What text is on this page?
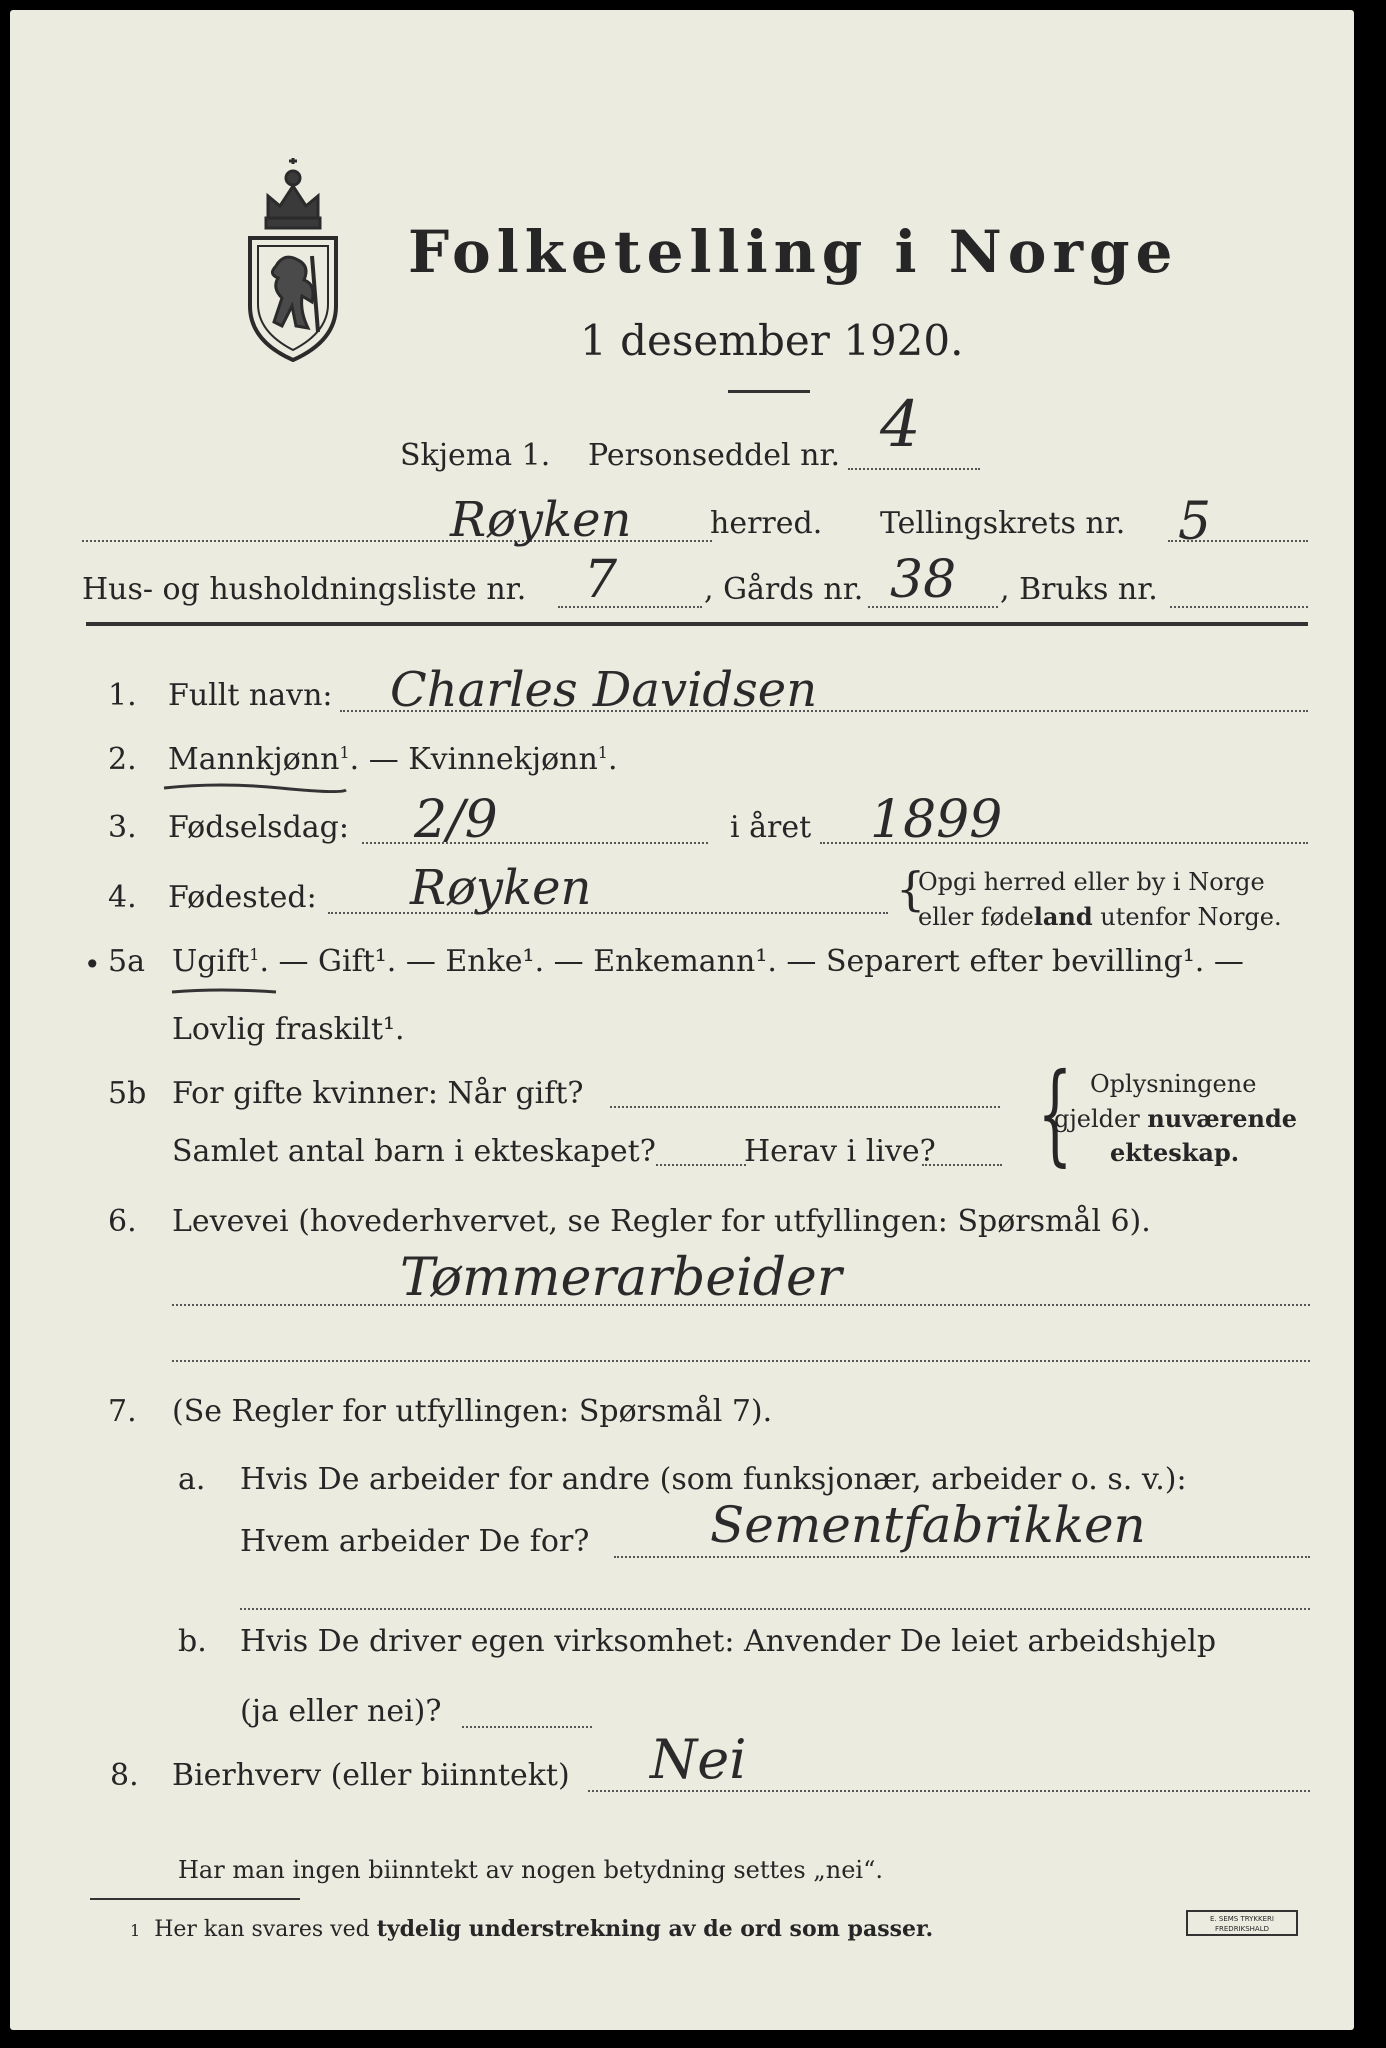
Folketelling i Norge
1 desember 1920.
Skjema 1. Personseddel nr. 4
Røyken	herred. Tellingskrets nr. 5
Hus- og husholdningsliste nr. 7	, Gårds nr. 38 , Bruks nr.
1. Fullt navn: Charles Davidsen
2. Mannkjønn$^1$. — Kvinnekjønn$^1$.
3. Fødselsdag: 2/9	i året 1899
4. Fødested: Røyken	{
Opgi herred eller by i Norge
eller fødeland utenfor Norge.
• 5a Ugift$^1$. — Gift¹. — Enke¹. — Enkemann¹. — Separert efter bevilling¹. —
Lovlig fraskilt¹.
5b For gifte kvinner: Når gift?
Samlet antal barn i ekteskapet?	Herav i live? { Oplysningene
gjelder nuværende
ekteskap.
6. Levevei (hovederhvervet, se Regler for utfyllingen: Spørsmål 6).
Tømmerarbeider
7. (Se Regler for utfyllingen: Spørsmål 7).
a. Hvis De arbeider for andre (som funksjonær, arbeider o. s. v.):
Hvem arbeider De for? Sementfabrikken
b. Hvis De driver egen virksomhet: Anvender De leiet arbeidshjelp
(ja eller nei)?
8. Bierhverv (eller biinntekt) Nei
Har man ingen biinntekt av nogen betydning settes „nei“.
1 Her kan svares ved tydelig understrekning av de ord som passer.	E. SEMS TRYKKERI FREDRIKSHALD
